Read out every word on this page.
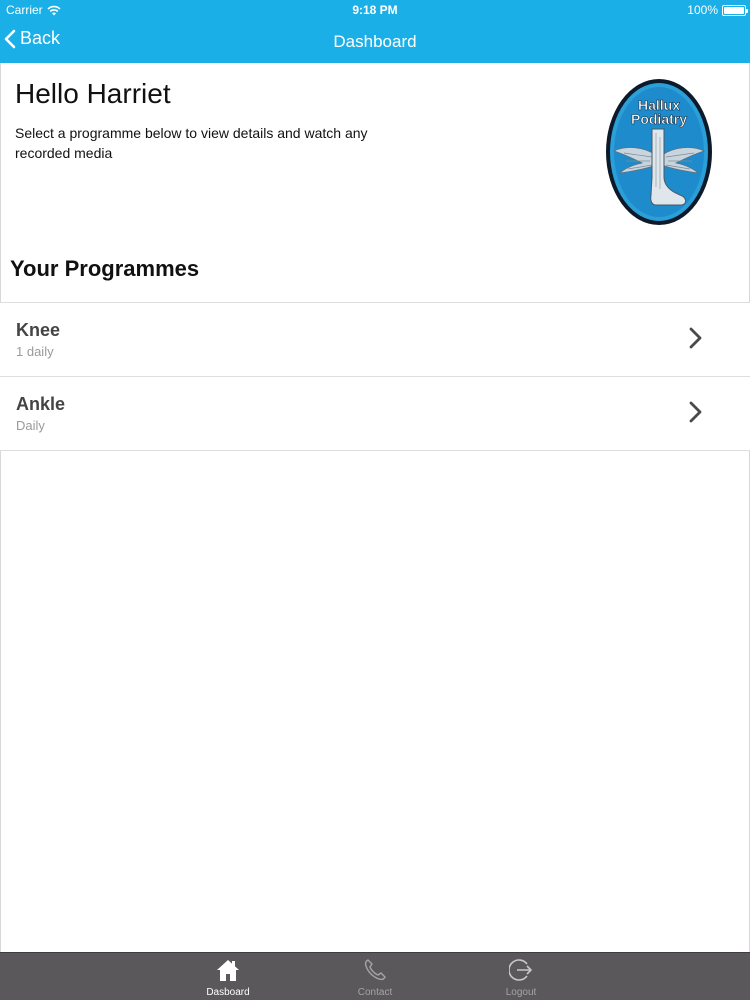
Carrier	9:18 PM	100%
Back	Dashboard
Hello Harriet

Select a programme below to view details and watch any recorded media

Hallux
Podiatry
Your Programmes
Knee
1 daily
Ankle
Daily
Dasboard	Contact	Logout
